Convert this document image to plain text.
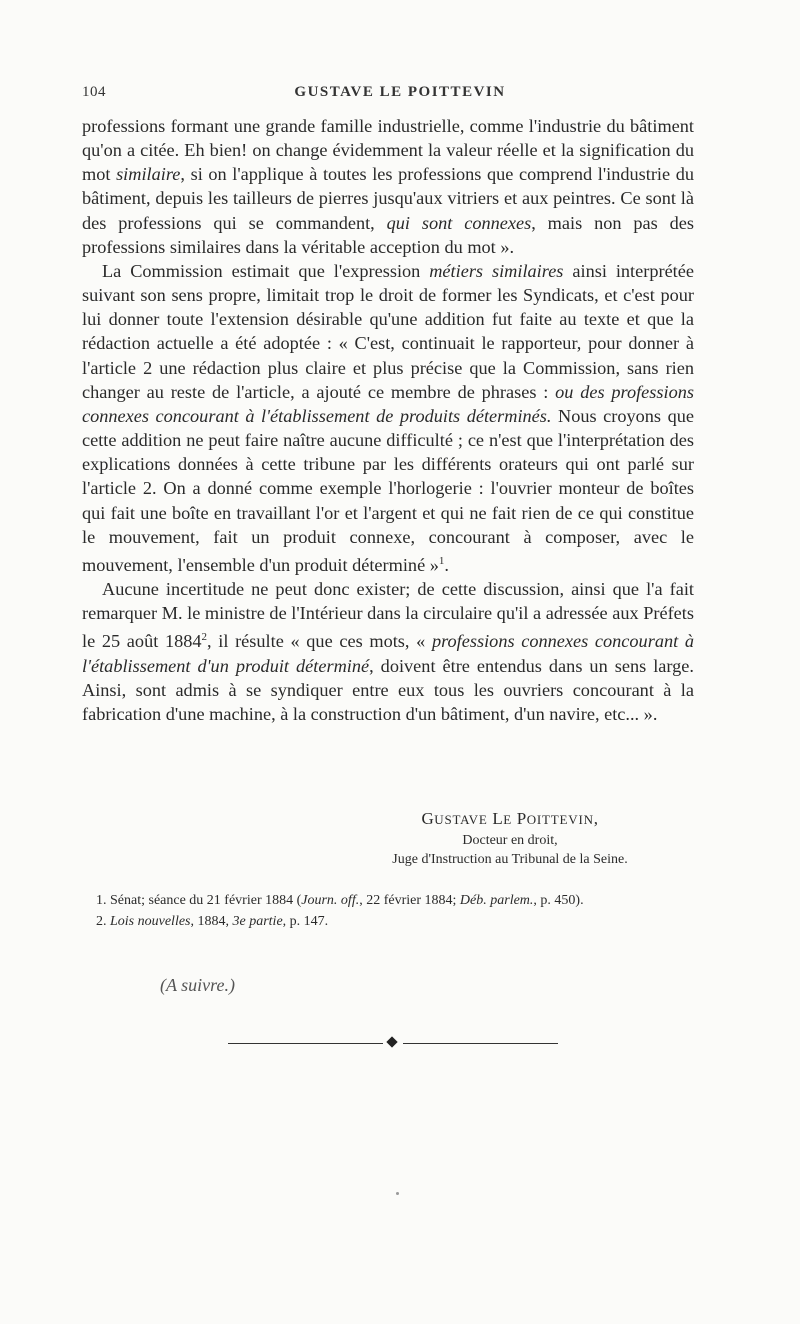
104	GUSTAVE LE POITTEVIN

professions formant une grande famille industrielle, comme l'industrie du bâtiment qu'on a citée. Eh bien! on change évidemment la valeur réelle et la signification du mot similaire, si on l'applique à toutes les professions que comprend l'industrie du bâtiment, depuis les tailleurs de pierres jusqu'aux vitriers et aux peintres. Ce sont là des professions qui se commandent, qui sont connexes, mais non pas des professions similaires dans la véritable acception du mot ».

La Commission estimait que l'expression métiers similaires ainsi interprétée suivant son sens propre, limitait trop le droit de former les Syndicats, et c'est pour lui donner toute l'extension désirable qu'une addition fut faite au texte et que la rédaction actuelle a été adoptée : « C'est, continuait le rapporteur, pour donner à l'article 2 une rédaction plus claire et plus précise que la Commission, sans rien changer au reste de l'article, a ajouté ce membre de phrases : ou des professions connexes concourant à l'établissement de produits déterminés. Nous croyons que cette addition ne peut faire naître aucune difficulté ; ce n'est que l'interprétation des explications données à cette tribune par les différents orateurs qui ont parlé sur l'article 2. On a donné comme exemple l'horlogerie : l'ouvrier monteur de boîtes qui fait une boîte en travaillant l'or et l'argent et qui ne fait rien de ce qui constitue le mouvement, fait un produit connexe, concourant à composer, avec le mouvement, l'ensemble d'un produit déterminé »$^1$.

Aucune incertitude ne peut donc exister; de cette discussion, ainsi que l'a fait remarquer M. le ministre de l'Intérieur dans la circulaire qu'il a adressée aux Préfets le 25 août 1884$^2$, il résulte « que ces mots, « professions connexes concourant à l'établissement d'un produit déterminé, doivent être entendus dans un sens large. Ainsi, sont admis à se syndiquer entre eux tous les ouvriers concourant à la fabrication d'une machine, à la construction d'un bâtiment, d'un navire, etc... ».

GUSTAVE LE POITTEVIN,
Docteur en droit,
Juge d'Instruction au Tribunal de la Seine.

1. Sénat; séance du 21 février 1884 (Journ. off., 22 février 1884; Déb. parlem., p. 450).

2. Lois nouvelles, 1884, 3e partie, p. 147.

(A suivre.)
